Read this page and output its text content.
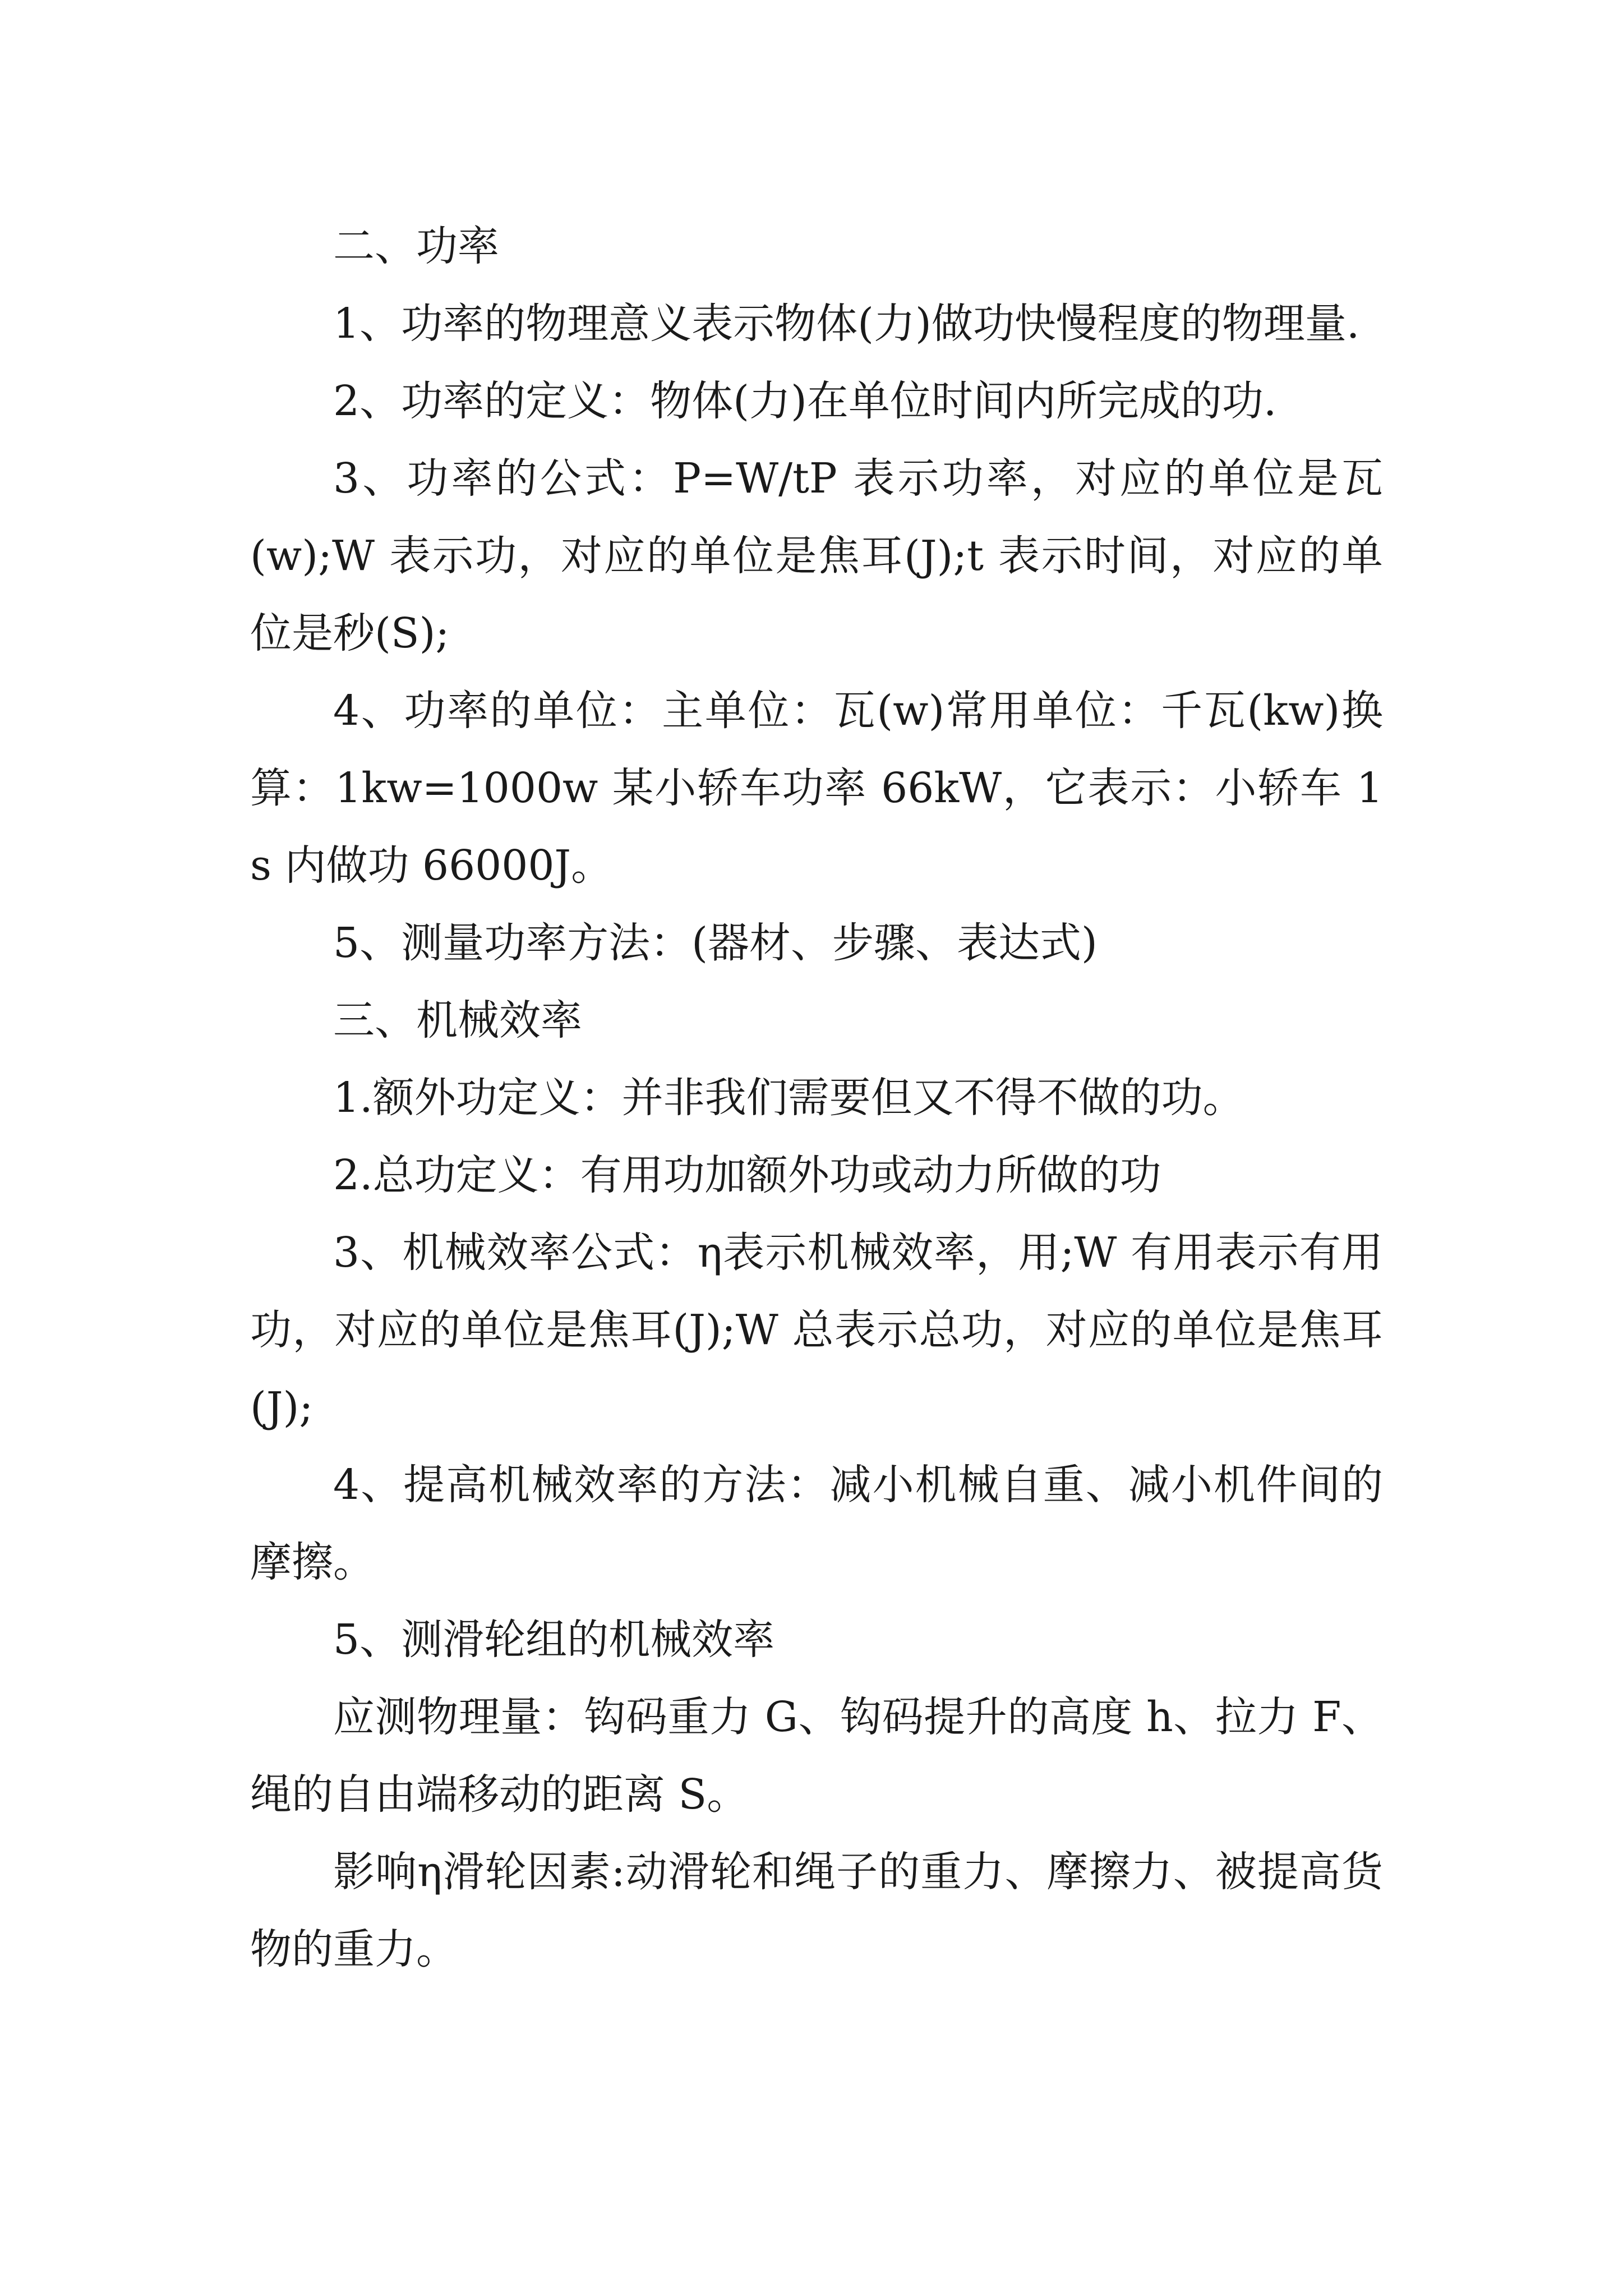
二、功率

1、功率的物理意义表示物体(力)做功快慢程度的物理量.

2、功率的定义：物体(力)在单位时间内所完成的功.

3、功率的公式：P=W/tP 表示功率，对应的单位是瓦(w);W 表示功，对应的单位是焦耳(J);t 表示时间，对应的单位是秒(S);

4、功率的单位：主单位：瓦(w)常用单位：千瓦(kw)换算：1kw=1000w 某小轿车功率 66kW，它表示：小轿车 1s 内做功 66000J。

5、测量功率方法：(器材、步骤、表达式)

三、机械效率

1.额外功定义：并非我们需要但又不得不做的功。

2.总功定义：有用功加额外功或动力所做的功

3、机械效率公式：η表示机械效率，用;W 有用表示有用功，对应的单位是焦耳(J);W 总表示总功，对应的单位是焦耳(J);

4、提高机械效率的方法：减小机械自重、减小机件间的摩擦。

5、测滑轮组的机械效率

应测物理量：钩码重力 G、钩码提升的高度 h、拉力 F、绳的自由端移动的距离 S。

影响η滑轮因素:动滑轮和绳子的重力、摩擦力、被提高货物的重力。
